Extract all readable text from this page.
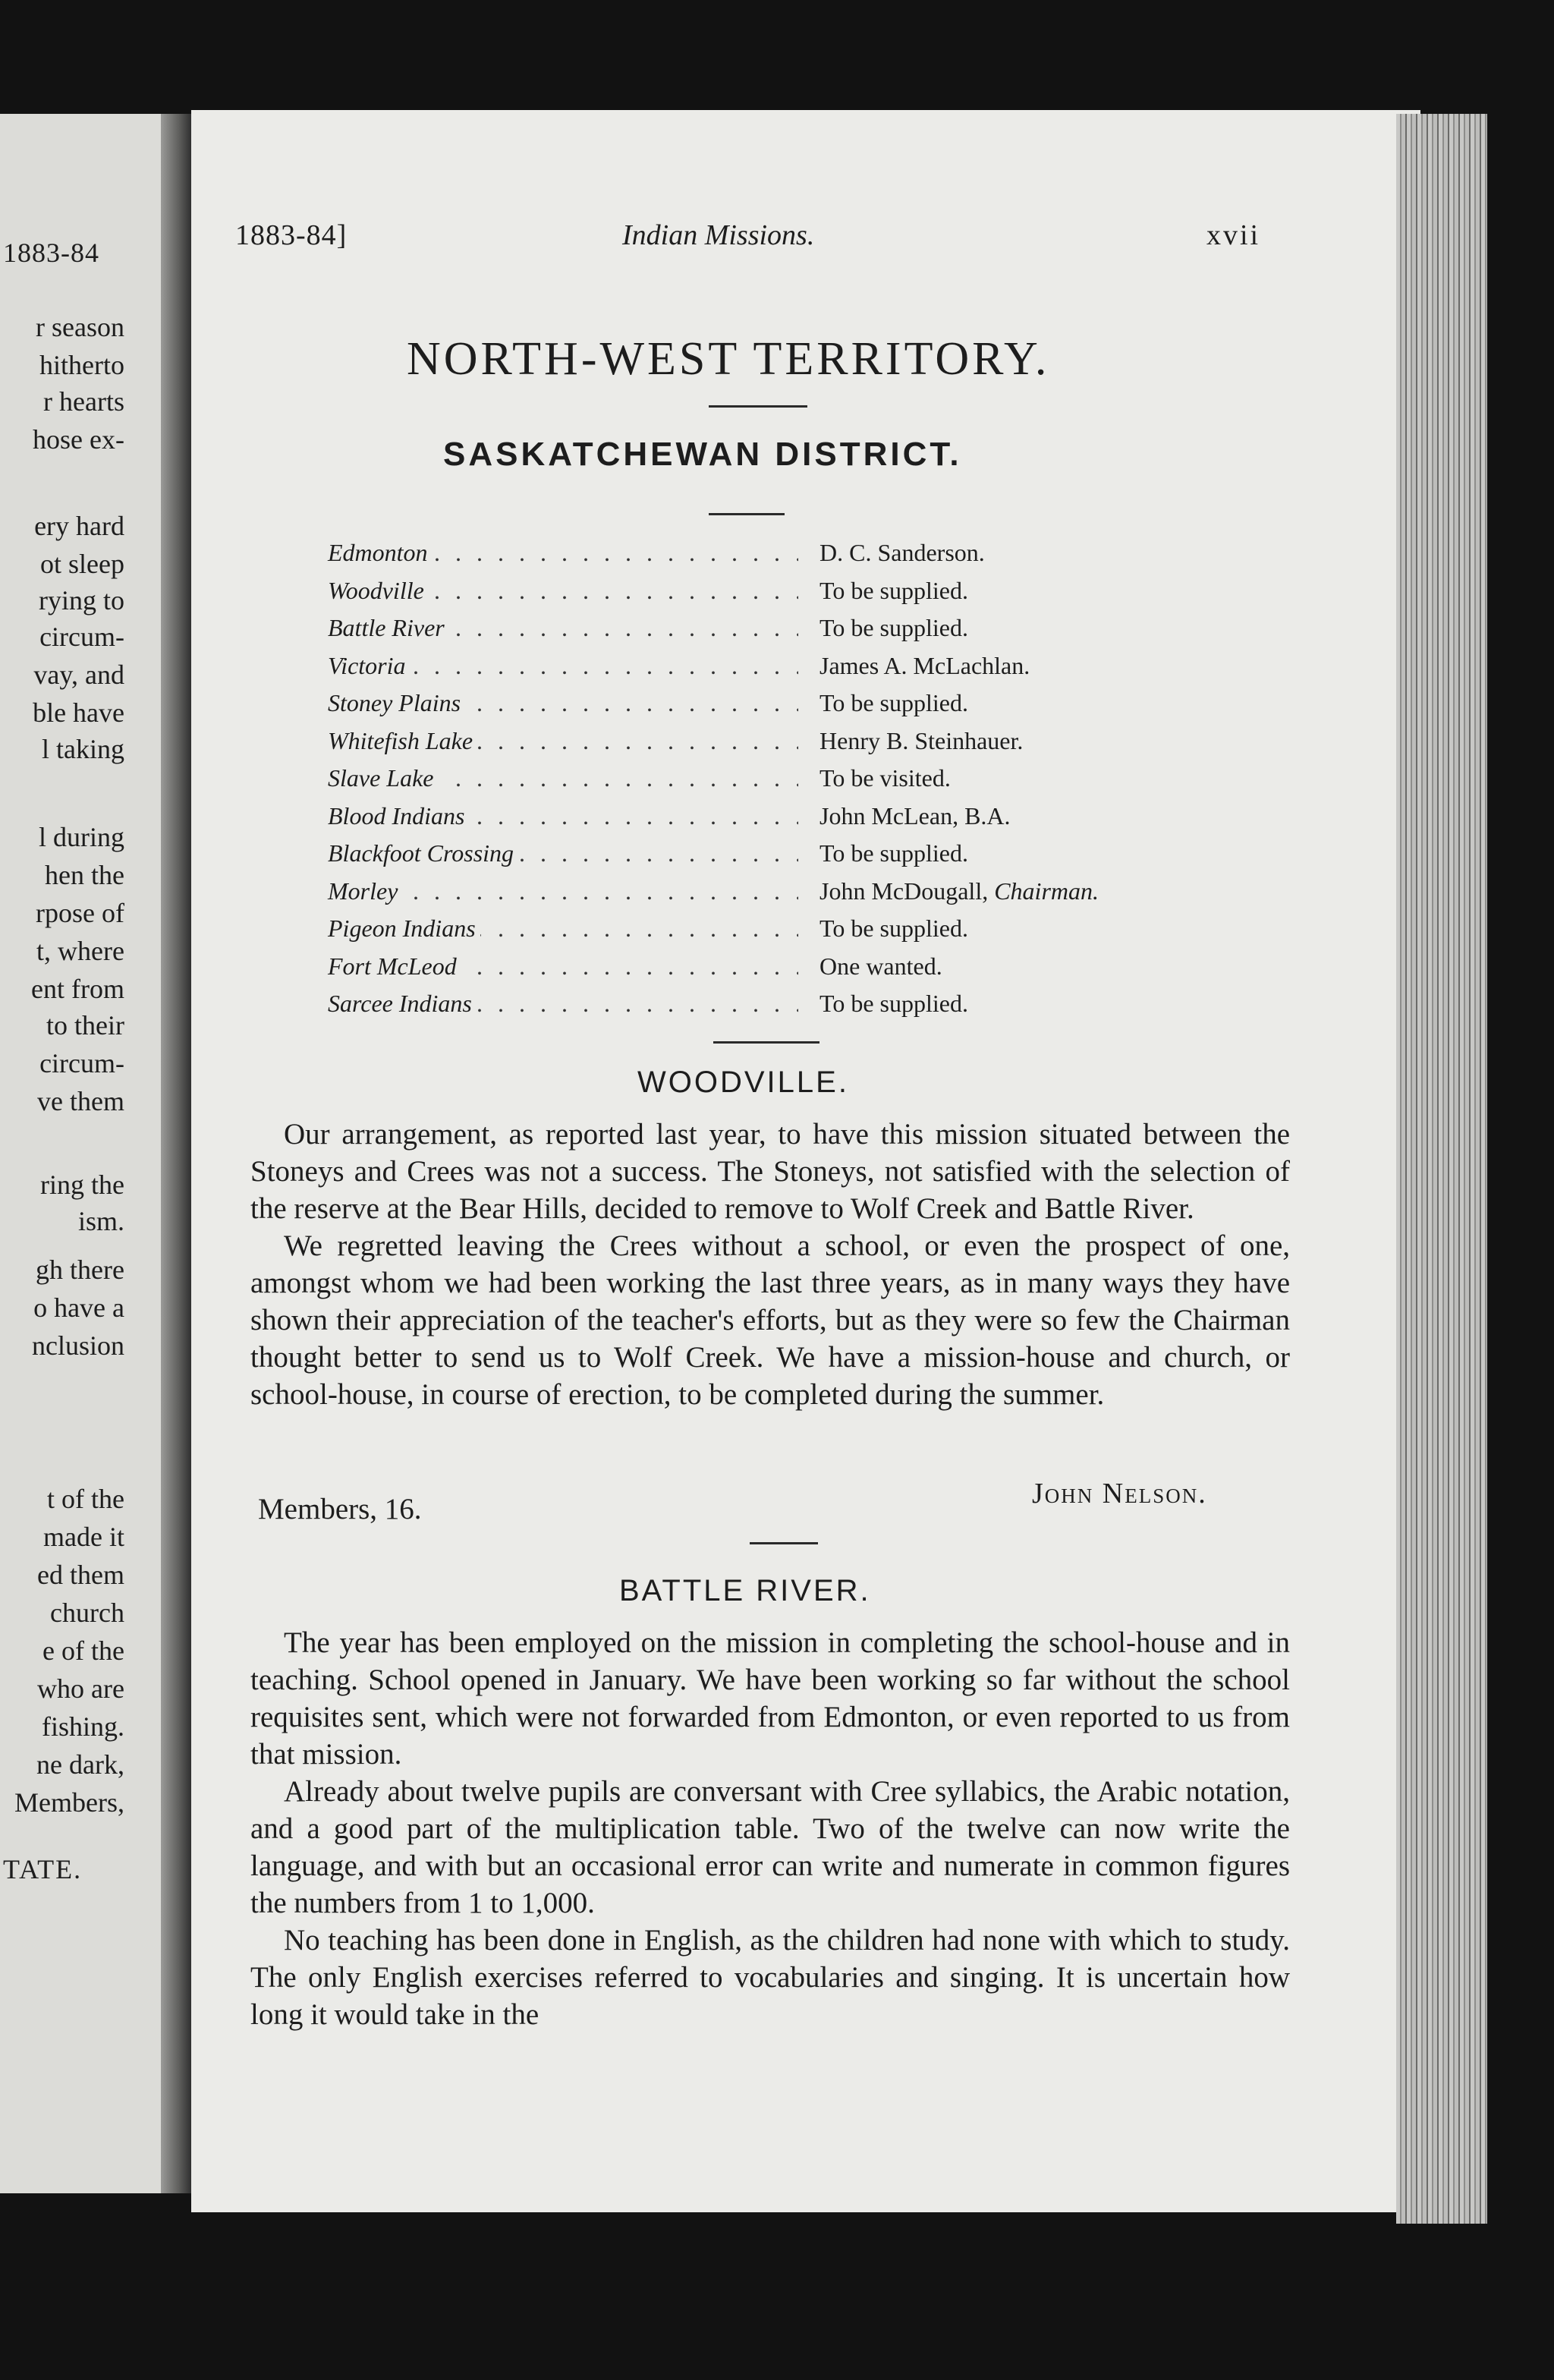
1883-84
r season
hitherto
r hearts
hose ex-
ery hard
ot sleep
rying to
circum-
vay, and
ble have
l taking
l during
hen the
rpose of
t, where
ent from
to their
circum-
ve them
ring the
ism.
gh there
o have a
nclusion
t of the
made it
ed them
church
e of the
who are
fishing.
ne dark,
Members,
TATE.
1883-84]	Indian Missions.	xvii
NORTH-WEST TERRITORY.
SASKATCHEWAN DISTRICT.
. . .
Edmonton	D. C. Sanderson.
. . .
Woodville	To be supplied.
. . .
Battle River	To be supplied.
. . .
Victoria	James A. McLachlan.
. . .
Stoney Plains	To be supplied.
. . .
Whitefish Lake	Henry B. Steinhauer.
. . .
Slave Lake	To be visited.
. . .
Blood Indians	John McLean, B.A.
. . .
Blackfoot Crossing	To be supplied.
. . .
Morley	John McDougall, Chairman.
. . .
Pigeon Indians	To be supplied.
. . .
Fort McLeod	One wanted.
. . .
Sarcee Indians	To be supplied.
WOODVILLE.

Our arrangement, as reported last year, to have this mission situated between the Stoneys and Crees was not a success. The Stoneys, not satisfied with the selection of the reserve at the Bear Hills, decided to remove to Wolf Creek and Battle River.

We regretted leaving the Crees without a school, or even the prospect of one, amongst whom we had been working the last three years, as in many ways they have shown their appreciation of the teacher's efforts, but as they were so few the Chairman thought better to send us to Wolf Creek. We have a mission-house and church, or school-house, in course of erection, to be completed during the summer.

Members, 16.	John Nelson.
BATTLE RIVER.

The year has been employed on the mission in completing the school-house and in teaching. School opened in January. We have been working so far without the school requisites sent, which were not forwarded from Edmonton, or even reported to us from that mission.

Already about twelve pupils are conversant with Cree syllabics, the Arabic notation, and a good part of the multiplication table. Two of the twelve can now write the language, and with but an occasional error can write and numerate in common figures the numbers from 1 to 1,000.

No teaching has been done in English, as the children had none with which to study. The only English exercises referred to vocabularies and singing. It is uncertain how long it would take in the
